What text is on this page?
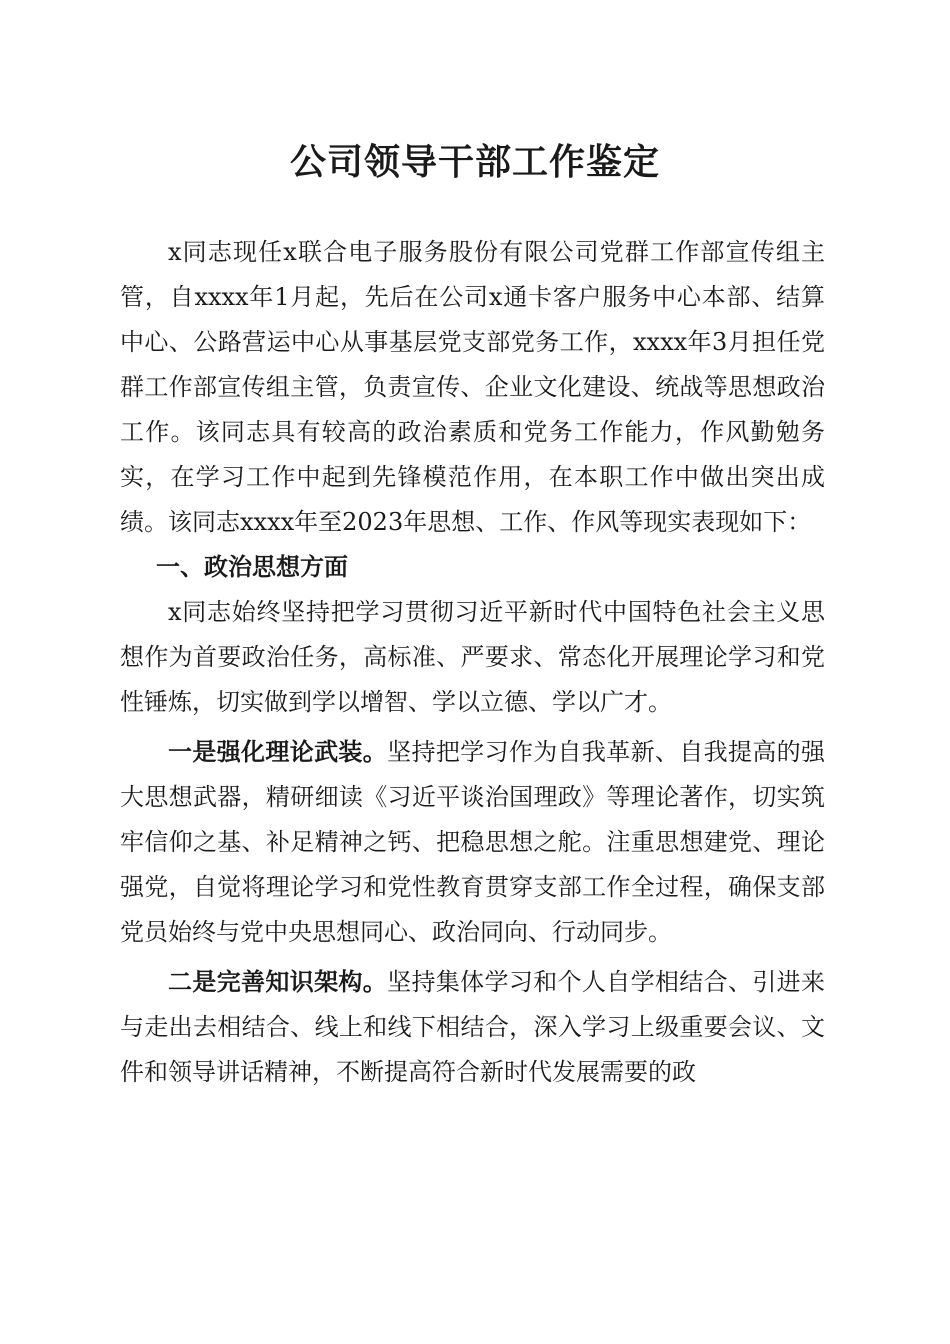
公司领导干部工作鉴定

x同志现任x联合电子服务股份有限公司党群工作部宣传组主管，自xxxx年1月起，先后在公司x通卡客户服务中心本部、结算中心、公路营运中心从事基层党支部党务工作，xxxx年3月担任党群工作部宣传组主管，负责宣传、企业文化建设、统战等思想政治工作。该同志具有较高的政治素质和党务工作能力，作风勤勉务实，在学习工作中起到先锋模范作用，在本职工作中做出突出成绩。该同志xxxx年至2023年思想、工作、作风等现实表现如下：

一、政治思想方面

x同志始终坚持把学习贯彻习近平新时代中国特色社会主义思想作为首要政治任务，高标准、严要求、常态化开展理论学习和党性锤炼，切实做到学以增智、学以立德、学以广才。

一是强化理论武装。坚持把学习作为自我革新、自我提高的强大思想武器，精研细读《习近平谈治国理政》等理论著作，切实筑牢信仰之基、补足精神之钙、把稳思想之舵。注重思想建党、理论强党，自觉将理论学习和党性教育贯穿支部工作全过程，确保支部党员始终与党中央思想同心、政治同向、行动同步。

二是完善知识架构。坚持集体学习和个人自学相结合、引进来与走出去相结合、线上和线下相结合，深入学习上级重要会议、文件和领导讲话精神，不断提高符合新时代发展需要的政
